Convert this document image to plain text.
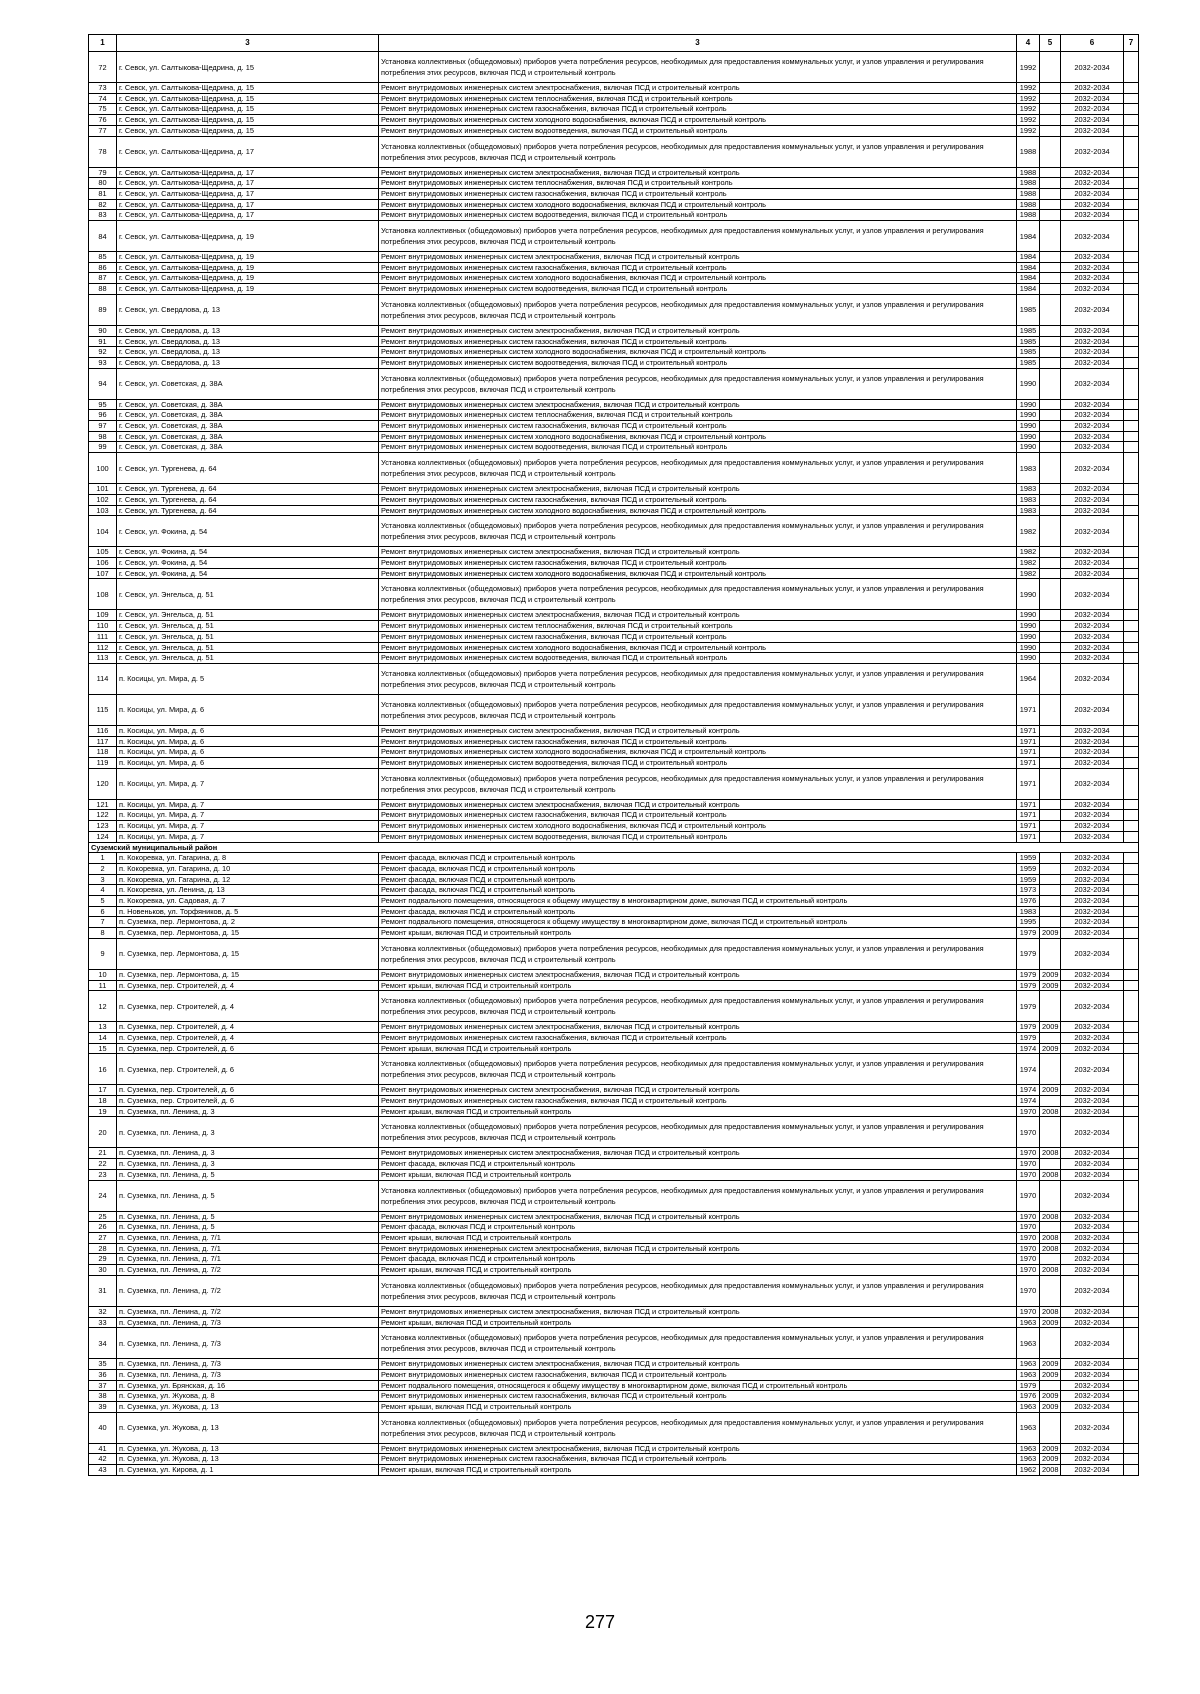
1	3	3	4	5	6	7
72	г. Севск, ул. Салтыкова-Щедрина, д. 15	Установка коллективных (общедомовых) приборов учета потребления ресурсов, необходимых для предоставления коммунальных услуг, и узлов управления и регулирования потребления этих ресурсов, включая ПСД и строительный контроль	1992		2032-2034	
73	г. Севск, ул. Салтыкова-Щедрина, д. 15	Ремонт внутридомовых инженерных систем электроснабжения, включая ПСД и строительный контроль	1992		2032-2034	
74	г. Севск, ул. Салтыкова-Щедрина, д. 15	Ремонт внутридомовых инженерных систем теплоснабжения, включая ПСД и строительный контроль	1992		2032-2034	
75	г. Севск, ул. Салтыкова-Щедрина, д. 15	Ремонт внутридомовых инженерных систем газоснабжения, включая ПСД и строительный контроль	1992		2032-2034	
76	г. Севск, ул. Салтыкова-Щедрина, д. 15	Ремонт внутридомовых инженерных систем холодного водоснабжения, включая ПСД и строительный контроль	1992		2032-2034	
77	г. Севск, ул. Салтыкова-Щедрина, д. 15	Ремонт внутридомовых инженерных систем водоотведения, включая ПСД и строительный контроль	1992		2032-2034	
78	г. Севск, ул. Салтыкова-Щедрина, д. 17	Установка коллективных (общедомовых) приборов учета потребления ресурсов, необходимых для предоставления коммунальных услуг, и узлов управления и регулирования потребления этих ресурсов, включая ПСД и строительный контроль	1988		2032-2034	
79	г. Севск, ул. Салтыкова-Щедрина, д. 17	Ремонт внутридомовых инженерных систем электроснабжения, включая ПСД и строительный контроль	1988		2032-2034	
80	г. Севск, ул. Салтыкова-Щедрина, д. 17	Ремонт внутридомовых инженерных систем теплоснабжения, включая ПСД и строительный контроль	1988		2032-2034	
81	г. Севск, ул. Салтыкова-Щедрина, д. 17	Ремонт внутридомовых инженерных систем газоснабжения, включая ПСД и строительный контроль	1988		2032-2034	
82	г. Севск, ул. Салтыкова-Щедрина, д. 17	Ремонт внутридомовых инженерных систем холодного водоснабжения, включая ПСД и строительный контроль	1988		2032-2034	
83	г. Севск, ул. Салтыкова-Щедрина, д. 17	Ремонт внутридомовых инженерных систем водоотведения, включая ПСД и строительный контроль	1988		2032-2034	
84	г. Севск, ул. Салтыкова-Щедрина, д. 19	Установка коллективных (общедомовых) приборов учета потребления ресурсов, необходимых для предоставления коммунальных услуг, и узлов управления и регулирования потребления этих ресурсов, включая ПСД и строительный контроль	1984		2032-2034	
85	г. Севск, ул. Салтыкова-Щедрина, д. 19	Ремонт внутридомовых инженерных систем электроснабжения, включая ПСД и строительный контроль	1984		2032-2034	
86	г. Севск, ул. Салтыкова-Щедрина, д. 19	Ремонт внутридомовых инженерных систем газоснабжения, включая ПСД и строительный контроль	1984		2032-2034	
87	г. Севск, ул. Салтыкова-Щедрина, д. 19	Ремонт внутридомовых инженерных систем холодного водоснабжения, включая ПСД и строительный контроль	1984		2032-2034	
88	г. Севск, ул. Салтыкова-Щедрина, д. 19	Ремонт внутридомовых инженерных систем водоотведения, включая ПСД и строительный контроль	1984		2032-2034	
89	г. Севск, ул. Свердлова, д. 13	Установка коллективных (общедомовых) приборов учета потребления ресурсов, необходимых для предоставления коммунальных услуг, и узлов управления и регулирования потребления этих ресурсов, включая ПСД и строительный контроль	1985		2032-2034	
90	г. Севск, ул. Свердлова, д. 13	Ремонт внутридомовых инженерных систем электроснабжения, включая ПСД и строительный контроль	1985		2032-2034	
91	г. Севск, ул. Свердлова, д. 13	Ремонт внутридомовых инженерных систем газоснабжения, включая ПСД и строительный контроль	1985		2032-2034	
92	г. Севск, ул. Свердлова, д. 13	Ремонт внутридомовых инженерных систем холодного водоснабжения, включая ПСД и строительный контроль	1985		2032-2034	
93	г. Севск, ул. Свердлова, д. 13	Ремонт внутридомовых инженерных систем водоотведения, включая ПСД и строительный контроль	1985		2032-2034	
94	г. Севск, ул. Советская, д. 38А	Установка коллективных (общедомовых) приборов учета потребления ресурсов, необходимых для предоставления коммунальных услуг, и узлов управления и регулирования потребления этих ресурсов, включая ПСД и строительный контроль	1990		2032-2034	
95	г. Севск, ул. Советская, д. 38А	Ремонт внутридомовых инженерных систем электроснабжения, включая ПСД и строительный контроль	1990		2032-2034	
96	г. Севск, ул. Советская, д. 38А	Ремонт внутридомовых инженерных систем теплоснабжения, включая ПСД и строительный контроль	1990		2032-2034	
97	г. Севск, ул. Советская, д. 38А	Ремонт внутридомовых инженерных систем газоснабжения, включая ПСД и строительный контроль	1990		2032-2034	
98	г. Севск, ул. Советская, д. 38А	Ремонт внутридомовых инженерных систем холодного водоснабжения, включая ПСД и строительный контроль	1990		2032-2034	
99	г. Севск, ул. Советская, д. 38А	Ремонт внутридомовых инженерных систем водоотведения, включая ПСД и строительный контроль	1990		2032-2034	
100	г. Севск, ул. Тургенева, д. 64	Установка коллективных (общедомовых) приборов учета потребления ресурсов, необходимых для предоставления коммунальных услуг, и узлов управления и регулирования потребления этих ресурсов, включая ПСД и строительный контроль	1983		2032-2034	
101	г. Севск, ул. Тургенева, д. 64	Ремонт внутридомовых инженерных систем электроснабжения, включая ПСД и строительный контроль	1983		2032-2034	
102	г. Севск, ул. Тургенева, д. 64	Ремонт внутридомовых инженерных систем газоснабжения, включая ПСД и строительный контроль	1983		2032-2034	
103	г. Севск, ул. Тургенева, д. 64	Ремонт внутридомовых инженерных систем холодного водоснабжения, включая ПСД и строительный контроль	1983		2032-2034	
104	г. Севск, ул. Фокина, д. 54	Установка коллективных (общедомовых) приборов учета потребления ресурсов, необходимых для предоставления коммунальных услуг, и узлов управления и регулирования потребления этих ресурсов, включая ПСД и строительный контроль	1982		2032-2034	
105	г. Севск, ул. Фокина, д. 54	Ремонт внутридомовых инженерных систем электроснабжения, включая ПСД и строительный контроль	1982		2032-2034	
106	г. Севск, ул. Фокина, д. 54	Ремонт внутридомовых инженерных систем газоснабжения, включая ПСД и строительный контроль	1982		2032-2034	
107	г. Севск, ул. Фокина, д. 54	Ремонт внутридомовых инженерных систем холодного водоснабжения, включая ПСД и строительный контроль	1982		2032-2034	
108	г. Севск, ул. Энгельса, д. 51	Установка коллективных (общедомовых) приборов учета потребления ресурсов, необходимых для предоставления коммунальных услуг, и узлов управления и регулирования потребления этих ресурсов, включая ПСД и строительный контроль	1990		2032-2034	
109	г. Севск, ул. Энгельса, д. 51	Ремонт внутридомовых инженерных систем электроснабжения, включая ПСД и строительный контроль	1990		2032-2034	
110	г. Севск, ул. Энгельса, д. 51	Ремонт внутридомовых инженерных систем теплоснабжения, включая ПСД и строительный контроль	1990		2032-2034	
111	г. Севск, ул. Энгельса, д. 51	Ремонт внутридомовых инженерных систем газоснабжения, включая ПСД и строительный контроль	1990		2032-2034	
112	г. Севск, ул. Энгельса, д. 51	Ремонт внутридомовых инженерных систем холодного водоснабжения, включая ПСД и строительный контроль	1990		2032-2034	
113	г. Севск, ул. Энгельса, д. 51	Ремонт внутридомовых инженерных систем водоотведения, включая ПСД и строительный контроль	1990		2032-2034	
114	п. Косицы, ул. Мира, д. 5	Установка коллективных (общедомовых) приборов учета потребления ресурсов, необходимых для предоставления коммунальных услуг, и узлов управления и регулирования потребления этих ресурсов, включая ПСД и строительный контроль	1964		2032-2034	
115	п. Косицы, ул. Мира, д. 6	Установка коллективных (общедомовых) приборов учета потребления ресурсов, необходимых для предоставления коммунальных услуг, и узлов управления и регулирования потребления этих ресурсов, включая ПСД и строительный контроль	1971		2032-2034	
116	п. Косицы, ул. Мира, д. 6	Ремонт внутридомовых инженерных систем электроснабжения, включая ПСД и строительный контроль	1971		2032-2034	
117	п. Косицы, ул. Мира, д. 6	Ремонт внутридомовых инженерных систем газоснабжения, включая ПСД и строительный контроль	1971		2032-2034	
118	п. Косицы, ул. Мира, д. 6	Ремонт внутридомовых инженерных систем холодного водоснабжения, включая ПСД и строительный контроль	1971		2032-2034	
119	п. Косицы, ул. Мира, д. 6	Ремонт внутридомовых инженерных систем водоотведения, включая ПСД и строительный контроль	1971		2032-2034	
120	п. Косицы, ул. Мира, д. 7	Установка коллективных (общедомовых) приборов учета потребления ресурсов, необходимых для предоставления коммунальных услуг, и узлов управления и регулирования потребления этих ресурсов, включая ПСД и строительный контроль	1971		2032-2034	
121	п. Косицы, ул. Мира, д. 7	Ремонт внутридомовых инженерных систем электроснабжения, включая ПСД и строительный контроль	1971		2032-2034	
122	п. Косицы, ул. Мира, д. 7	Ремонт внутридомовых инженерных систем газоснабжения, включая ПСД и строительный контроль	1971		2032-2034	
123	п. Косицы, ул. Мира, д. 7	Ремонт внутридомовых инженерных систем холодного водоснабжения, включая ПСД и строительный контроль	1971		2032-2034	
124	п. Косицы, ул. Мира, д. 7	Ремонт внутридомовых инженерных систем водоотведения, включая ПСД и строительный контроль	1971		2032-2034	
Суземский муниципальный район						
1	п. Кокоревка, ул. Гагарина, д. 8	Ремонт фасада, включая ПСД и строительный контроль	1959		2032-2034	
2	п. Кокоревка, ул. Гагарина, д. 10	Ремонт фасада, включая ПСД и строительный контроль	1959		2032-2034	
3	п. Кокоревка, ул. Гагарина, д. 12	Ремонт фасада, включая ПСД и строительный контроль	1959		2032-2034	
4	п. Кокоревка, ул. Ленина, д. 13	Ремонт фасада, включая ПСД и строительный контроль	1973		2032-2034	
5	п. Кокоревка, ул. Садовая, д. 7	Ремонт подвального помещения, относящегося к общему имуществу в многоквартирном доме, включая ПСД и строительный контроль	1976		2032-2034	
6	п. Новеньков, ул. Торфяников, д. 5	Ремонт фасада, включая ПСД и строительный контроль	1983		2032-2034	
7	п. Суземка, пер. Лермонтова, д. 2	Ремонт подвального помещения, относящегося к общему имуществу в многоквартирном доме, включая ПСД и строительный контроль	1995		2032-2034	
8	п. Суземка, пер. Лермонтова, д. 15	Ремонт крыши, включая ПСД и строительный контроль	1979	2009	2032-2034	
9	п. Суземка, пер. Лермонтова, д. 15	Установка коллективных (общедомовых) приборов учета потребления ресурсов, необходимых для предоставления коммунальных услуг, и узлов управления и регулирования потребления этих ресурсов, включая ПСД и строительный контроль	1979		2032-2034	
10	п. Суземка, пер. Лермонтова, д. 15	Ремонт внутридомовых инженерных систем электроснабжения, включая ПСД и строительный контроль	1979	2009	2032-2034	
11	п. Суземка, пер. Строителей, д. 4	Ремонт крыши, включая ПСД и строительный контроль	1979	2009	2032-2034	
12	п. Суземка, пер. Строителей, д. 4	Установка коллективных (общедомовых) приборов учета потребления ресурсов, необходимых для предоставления коммунальных услуг, и узлов управления и регулирования потребления этих ресурсов, включая ПСД и строительный контроль	1979		2032-2034	
13	п. Суземка, пер. Строителей, д. 4	Ремонт внутридомовых инженерных систем электроснабжения, включая ПСД и строительный контроль	1979	2009	2032-2034	
14	п. Суземка, пер. Строителей, д. 4	Ремонт внутридомовых инженерных систем газоснабжения, включая ПСД и строительный контроль	1979		2032-2034	
15	п. Суземка, пер. Строителей, д. 6	Ремонт крыши, включая ПСД и строительный контроль	1974	2009	2032-2034	
16	п. Суземка, пер. Строителей, д. 6	Установка коллективных (общедомовых) приборов учета потребления ресурсов, необходимых для предоставления коммунальных услуг, и узлов управления и регулирования потребления этих ресурсов, включая ПСД и строительный контроль	1974		2032-2034	
17	п. Суземка, пер. Строителей, д. 6	Ремонт внутридомовых инженерных систем электроснабжения, включая ПСД и строительный контроль	1974	2009	2032-2034	
18	п. Суземка, пер. Строителей, д. 6	Ремонт внутридомовых инженерных систем газоснабжения, включая ПСД и строительный контроль	1974		2032-2034	
19	п. Суземка, пл. Ленина, д. 3	Ремонт крыши, включая ПСД и строительный контроль	1970	2008	2032-2034	
20	п. Суземка, пл. Ленина, д. 3	Установка коллективных (общедомовых) приборов учета потребления ресурсов, необходимых для предоставления коммунальных услуг, и узлов управления и регулирования потребления этих ресурсов, включая ПСД и строительный контроль	1970		2032-2034	
21	п. Суземка, пл. Ленина, д. 3	Ремонт внутридомовых инженерных систем электроснабжения, включая ПСД и строительный контроль	1970	2008	2032-2034	
22	п. Суземка, пл. Ленина, д. 3	Ремонт фасада, включая ПСД и строительный контроль	1970		2032-2034	
23	п. Суземка, пл. Ленина, д. 5	Ремонт крыши, включая ПСД и строительный контроль	1970	2008	2032-2034	
24	п. Суземка, пл. Ленина, д. 5	Установка коллективных (общедомовых) приборов учета потребления ресурсов, необходимых для предоставления коммунальных услуг, и узлов управления и регулирования потребления этих ресурсов, включая ПСД и строительный контроль	1970		2032-2034	
25	п. Суземка, пл. Ленина, д. 5	Ремонт внутридомовых инженерных систем электроснабжения, включая ПСД и строительный контроль	1970	2008	2032-2034	
26	п. Суземка, пл. Ленина, д. 5	Ремонт фасада, включая ПСД и строительный контроль	1970		2032-2034	
27	п. Суземка, пл. Ленина, д. 7/1	Ремонт крыши, включая ПСД и строительный контроль	1970	2008	2032-2034	
28	п. Суземка, пл. Ленина, д. 7/1	Ремонт внутридомовых инженерных систем электроснабжения, включая ПСД и строительный контроль	1970	2008	2032-2034	
29	п. Суземка, пл. Ленина, д. 7/1	Ремонт фасада, включая ПСД и строительный контроль	1970		2032-2034	
30	п. Суземка, пл. Ленина, д. 7/2	Ремонт крыши, включая ПСД и строительный контроль	1970	2008	2032-2034	
31	п. Суземка, пл. Ленина, д. 7/2	Установка коллективных (общедомовых) приборов учета потребления ресурсов, необходимых для предоставления коммунальных услуг, и узлов управления и регулирования потребления этих ресурсов, включая ПСД и строительный контроль	1970		2032-2034	
32	п. Суземка, пл. Ленина, д. 7/2	Ремонт внутридомовых инженерных систем электроснабжения, включая ПСД и строительный контроль	1970	2008	2032-2034	
33	п. Суземка, пл. Ленина, д. 7/3	Ремонт крыши, включая ПСД и строительный контроль	1963	2009	2032-2034	
34	п. Суземка, пл. Ленина, д. 7/3	Установка коллективных (общедомовых) приборов учета потребления ресурсов, необходимых для предоставления коммунальных услуг, и узлов управления и регулирования потребления этих ресурсов, включая ПСД и строительный контроль	1963		2032-2034	
35	п. Суземка, пл. Ленина, д. 7/3	Ремонт внутридомовых инженерных систем электроснабжения, включая ПСД и строительный контроль	1963	2009	2032-2034	
36	п. Суземка, пл. Ленина, д. 7/3	Ремонт внутридомовых инженерных систем газоснабжения, включая ПСД и строительный контроль	1963	2009	2032-2034	
37	п. Суземка, ул. Брянская, д. 16	Ремонт подвального помещения, относящегося к общему имуществу в многоквартирном доме, включая ПСД и строительный контроль	1979		2032-2034	
38	п. Суземка, ул. Жукова, д. 8	Ремонт внутридомовых инженерных систем газоснабжения, включая ПСД и строительный контроль	1976	2009	2032-2034	
39	п. Суземка, ул. Жукова, д. 13	Ремонт крыши, включая ПСД и строительный контроль	1963	2009	2032-2034	
40	п. Суземка, ул. Жукова, д. 13	Установка коллективных (общедомовых) приборов учета потребления ресурсов, необходимых для предоставления коммунальных услуг, и узлов управления и регулирования потребления этих ресурсов, включая ПСД и строительный контроль	1963		2032-2034	
41	п. Суземка, ул. Жукова, д. 13	Ремонт внутридомовых инженерных систем электроснабжения, включая ПСД и строительный контроль	1963	2009	2032-2034	
42	п. Суземка, ул. Жукова, д. 13	Ремонт внутридомовых инженерных систем газоснабжения, включая ПСД и строительный контроль	1963	2009	2032-2034	
43	п. Суземка, ул. Кирова, д. 1	Ремонт крыши, включая ПСД и строительный контроль	1962	2008	2032-2034	
277
